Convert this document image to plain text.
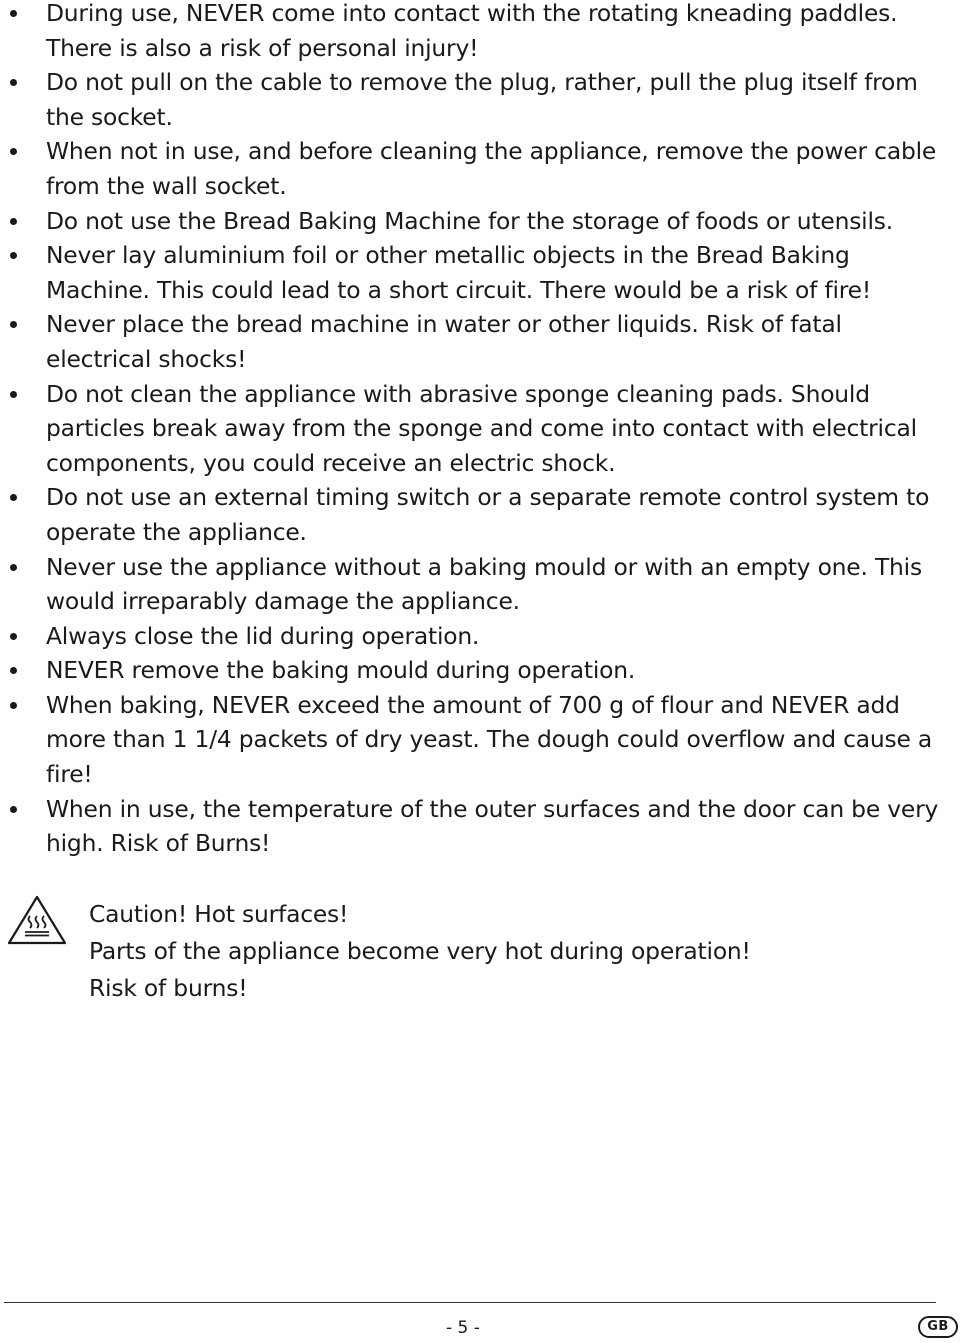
During use, NEVER come into contact with the rotating kneading paddles. There is also a risk of personal injury!
Do not pull on the cable to remove the plug, rather, pull the plug itself from the socket.
When not in use, and before cleaning the appliance, remove the power cable from the wall socket.
Do not use the Bread Baking Machine for the storage of foods or utensils.
Never lay aluminium foil or other metallic objects in the Bread Baking Machine. This could lead to a short circuit. There would be a risk of fire!
Never place the bread machine in water or other liquids. Risk of fatal electrical shocks!
Do not clean the appliance with abrasive sponge cleaning pads. Should particles break away from the sponge and come into contact with electrical components, you could receive an electric shock.
Do not use an external timing switch or a separate remote control system to operate the appliance.
Never use the appliance without a baking mould or with an empty one. This would irreparably damage the appliance.
Always close the lid during operation.
NEVER remove the baking mould during operation.
When baking, NEVER exceed the amount of 700 g of flour and NEVER add more than 1 1/4 packets of dry yeast. The dough could overflow and cause a fire!
When in use, the temperature of the outer surfaces and the door can be very high. Risk of Burns!
Caution! Hot surfaces!
Parts of the appliance become very hot during operation!
Risk of burns!
- 5 -	GB
